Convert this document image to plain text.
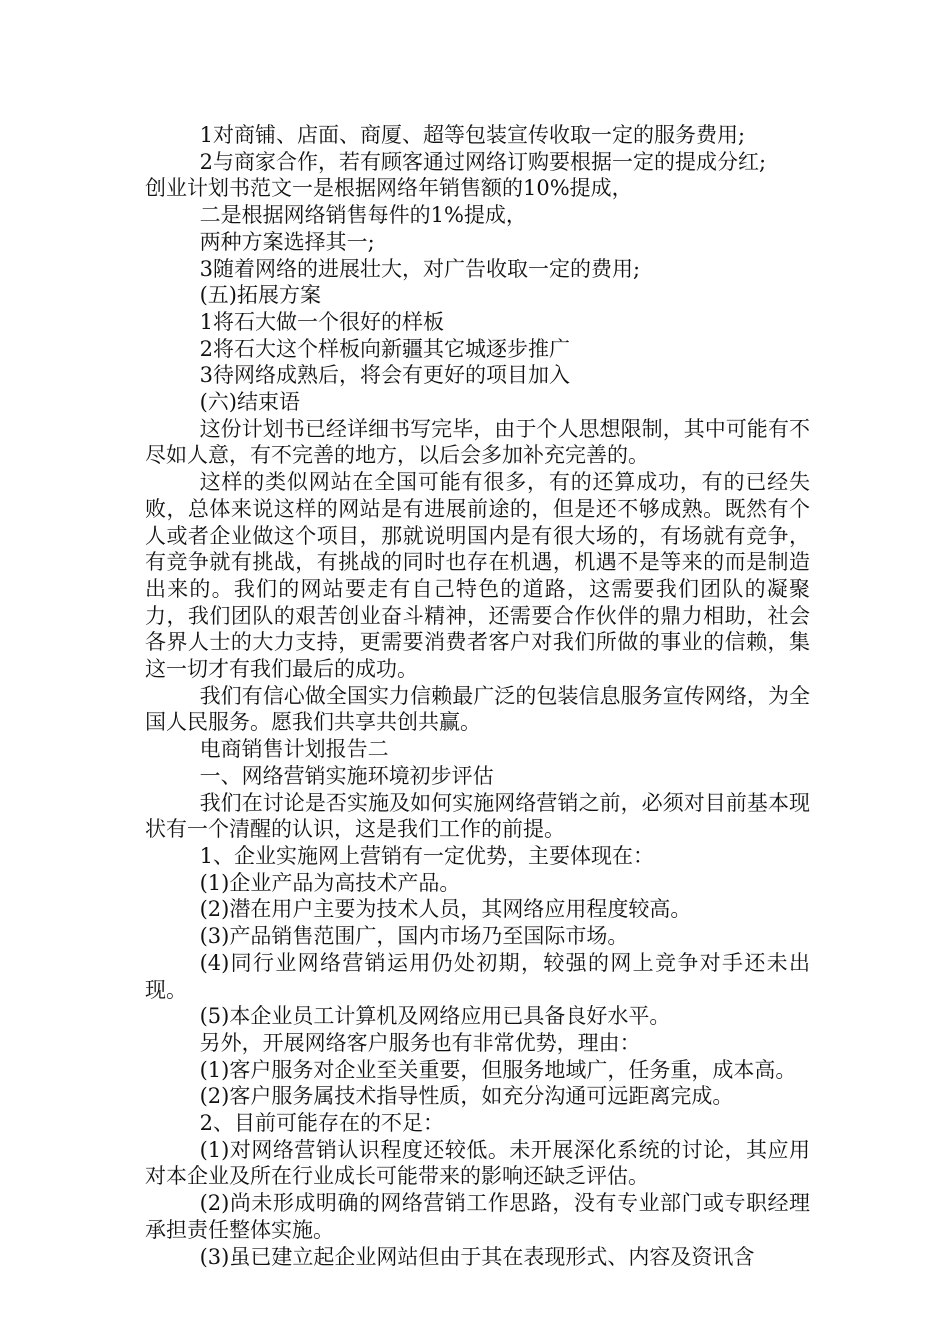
1对商铺、店面、商厦、超等包装宣传收取一定的服务费用;

2与商家合作，若有顾客通过网络订购要根据一定的提成分红;

创业计划书范文一是根据网络年销售额的10%提成，

二是根据网络销售每件的1%提成，

两种方案选择其一;

3随着网络的进展壮大，对广告收取一定的费用;

(五)拓展方案

1将石大做一个很好的样板

2将石大这个样板向新疆其它城逐步推广

3待网络成熟后，将会有更好的项目加入

(六)结束语

这份计划书已经详细书写完毕，由于个人思想限制，其中可能有不尽如人意，有不完善的地方，以后会多加补充完善的。

这样的类似网站在全国可能有很多，有的还算成功，有的已经失败，总体来说这样的网站是有进展前途的，但是还不够成熟。既然有个人或者企业做这个项目，那就说明国内是有很大场的，有场就有竞争，有竞争就有挑战，有挑战的同时也存在机遇，机遇不是等来的而是制造出来的。我们的网站要走有自己特色的道路，这需要我们团队的凝聚力，我们团队的艰苦创业奋斗精神，还需要合作伙伴的鼎力相助，社会各界人士的大力支持，更需要消费者客户对我们所做的事业的信赖，集这一切才有我们最后的成功。

我们有信心做全国实力信赖最广泛的包装信息服务宣传网络，为全国人民服务。愿我们共享共创共赢。

电商销售计划报告二

一、网络营销实施环境初步评估

我们在讨论是否实施及如何实施网络营销之前，必须对目前基本现状有一个清醒的认识，这是我们工作的前提。

1、企业实施网上营销有一定优势，主要体现在：

(1)企业产品为高技术产品。

(2)潜在用户主要为技术人员，其网络应用程度较高。

(3)产品销售范围广，国内市场乃至国际市场。

(4)同行业网络营销运用仍处初期，较强的网上竞争对手还未出现。

(5)本企业员工计算机及网络应用已具备良好水平。

另外，开展网络客户服务也有非常优势，理由：

(1)客户服务对企业至关重要，但服务地域广，任务重，成本高。

(2)客户服务属技术指导性质，如充分沟通可远距离完成。

2、目前可能存在的不足：

(1)对网络营销认识程度还较低。未开展深化系统的讨论，其应用对本企业及所在行业成长可能带来的影响还缺乏评估。

(2)尚未形成明确的网络营销工作思路，没有专业部门或专职经理承担责任整体实施。

(3)虽已建立起企业网站但由于其在表现形式、内容及资讯含
